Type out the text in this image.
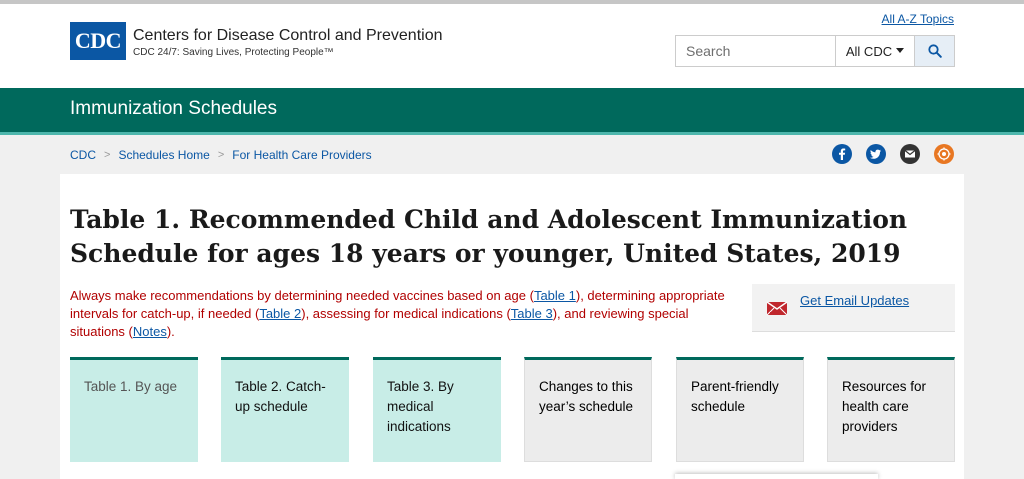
CDC Centers for Disease Control and Prevention
CDC 24/7: Saving Lives, Protecting People™
All A-Z Topics
Search
All CDC
Immunization Schedules
CDC > Schedules Home > For Health Care Providers
Table 1. Recommended Child and Adolescent Immunization Schedule for ages 18 years or younger, United States, 2019

Always make recommendations by determining needed vaccines based on age (Table 1), determining appropriate intervals for catch-up, if needed (Table 2), assessing for medical indications (Table 3), and reviewing special situations (Notes).

Get Email Updates
Table 1. By age	Table 2. Catch-up schedule
Table 3. By medical indications
Changes to this year’s schedule
Parent-friendly schedule
Resources for health care providers
